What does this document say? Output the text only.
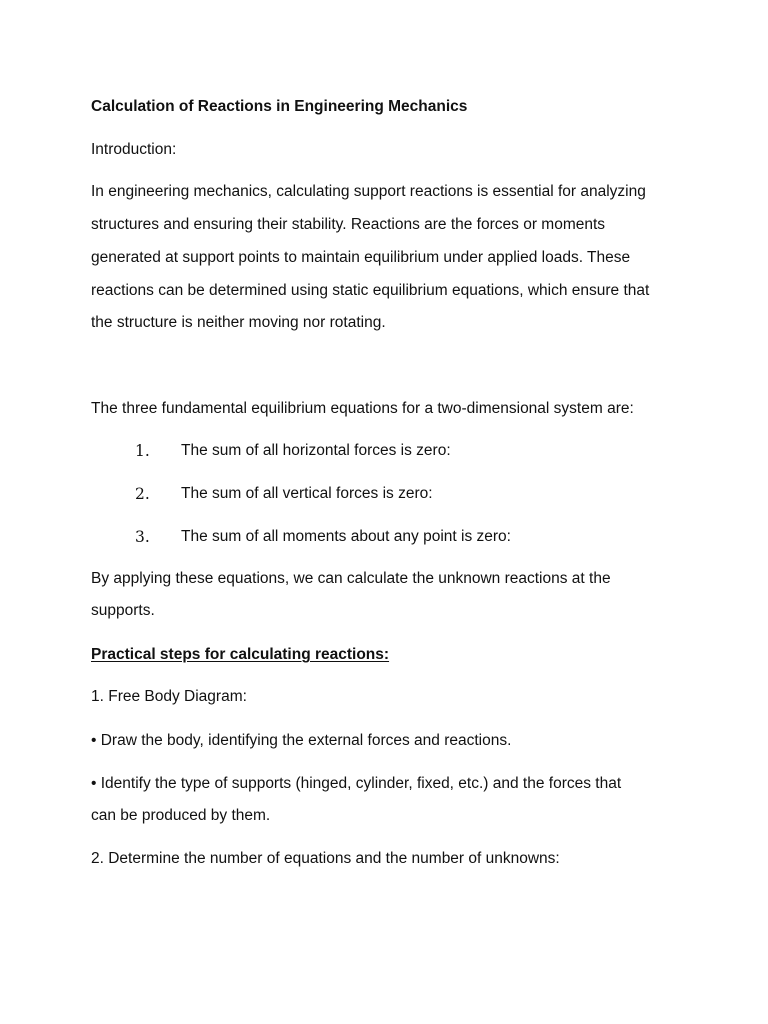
Calculation of Reactions in Engineering Mechanics
Introduction:
In engineering mechanics, calculating support reactions is essential for analyzing
structures and ensuring their stability. Reactions are the forces or moments
generated at support points to maintain equilibrium under applied loads. These
reactions can be determined using static equilibrium equations, which ensure that
the structure is neither moving nor rotating.
The three fundamental equilibrium equations for a two-dimensional system are:
1. The sum of all horizontal forces is zero:
2. The sum of all vertical forces is zero:
3. The sum of all moments about any point is zero:
By applying these equations, we can calculate the unknown reactions at the
supports.
Practical steps for calculating reactions:
1. Free Body Diagram:
• Draw the body, identifying the external forces and reactions.
• Identify the type of supports (hinged, cylinder, fixed, etc.) and the forces that
can be produced by them.
2. Determine the number of equations and the number of unknowns:
